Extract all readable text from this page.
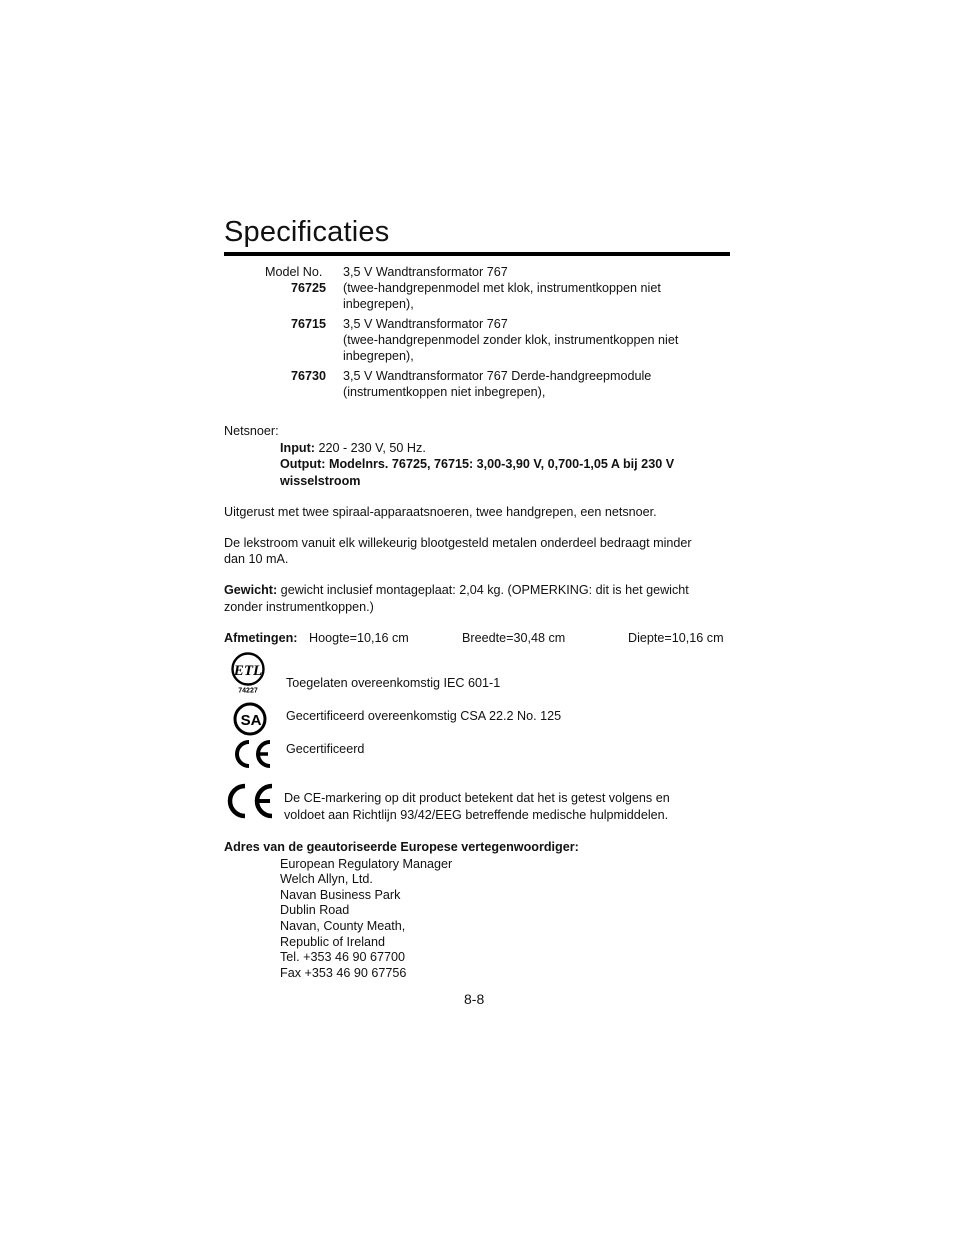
Specificaties
Model No.
76725
3,5 V Wandtransformator 767
(twee-handgrepenmodel met klok, instrumentkoppen niet
inbegrepen),
76715 3,5 V Wandtransformator 767
(twee-handgrepenmodel zonder klok, instrumentkoppen niet
inbegrepen),
76730 3,5 V Wandtransformator 767 Derde-handgreepmodule
(instrumentkoppen niet inbegrepen),
Netsnoer:
Input: 220 - 230 V, 50 Hz.
Output: Modelnrs. 76725, 76715: 3,00-3,90 V, 0,700-1,05 A bij 230 V
wisselstroom
Uitgerust met twee spiraal-apparaatsnoeren, twee handgrepen, een netsnoer.
De lekstroom vanuit elk willekeurig blootgesteld metalen onderdeel bedraagt minder
dan 10 mA.
Gewicht: gewicht inclusief montageplaat: 2,04 kg. (OPMERKING: dit is het gewicht
zonder instrumentkoppen.)
Afmetingen: Hoogte=10,16 cm	Breedte=30,48 cm	Diepte=10,16 cm
ETL
74227
Toegelaten overeenkomstig IEC 601-1
SA Gecertificeerd overeenkomstig CSA 22.2 No. 125
Gecertificeerd
De CE-markering op dit product betekent dat het is getest volgens en
voldoet aan Richtlijn 93/42/EEG betreffende medische hulpmiddelen.
Adres van de geautoriseerde Europese vertegenwoordiger:
European Regulatory Manager
Welch Allyn, Ltd.
Navan Business Park
Dublin Road
Navan, County Meath,
Republic of Ireland
Tel. +353 46 90 67700
Fax +353 46 90 67756
8-8
